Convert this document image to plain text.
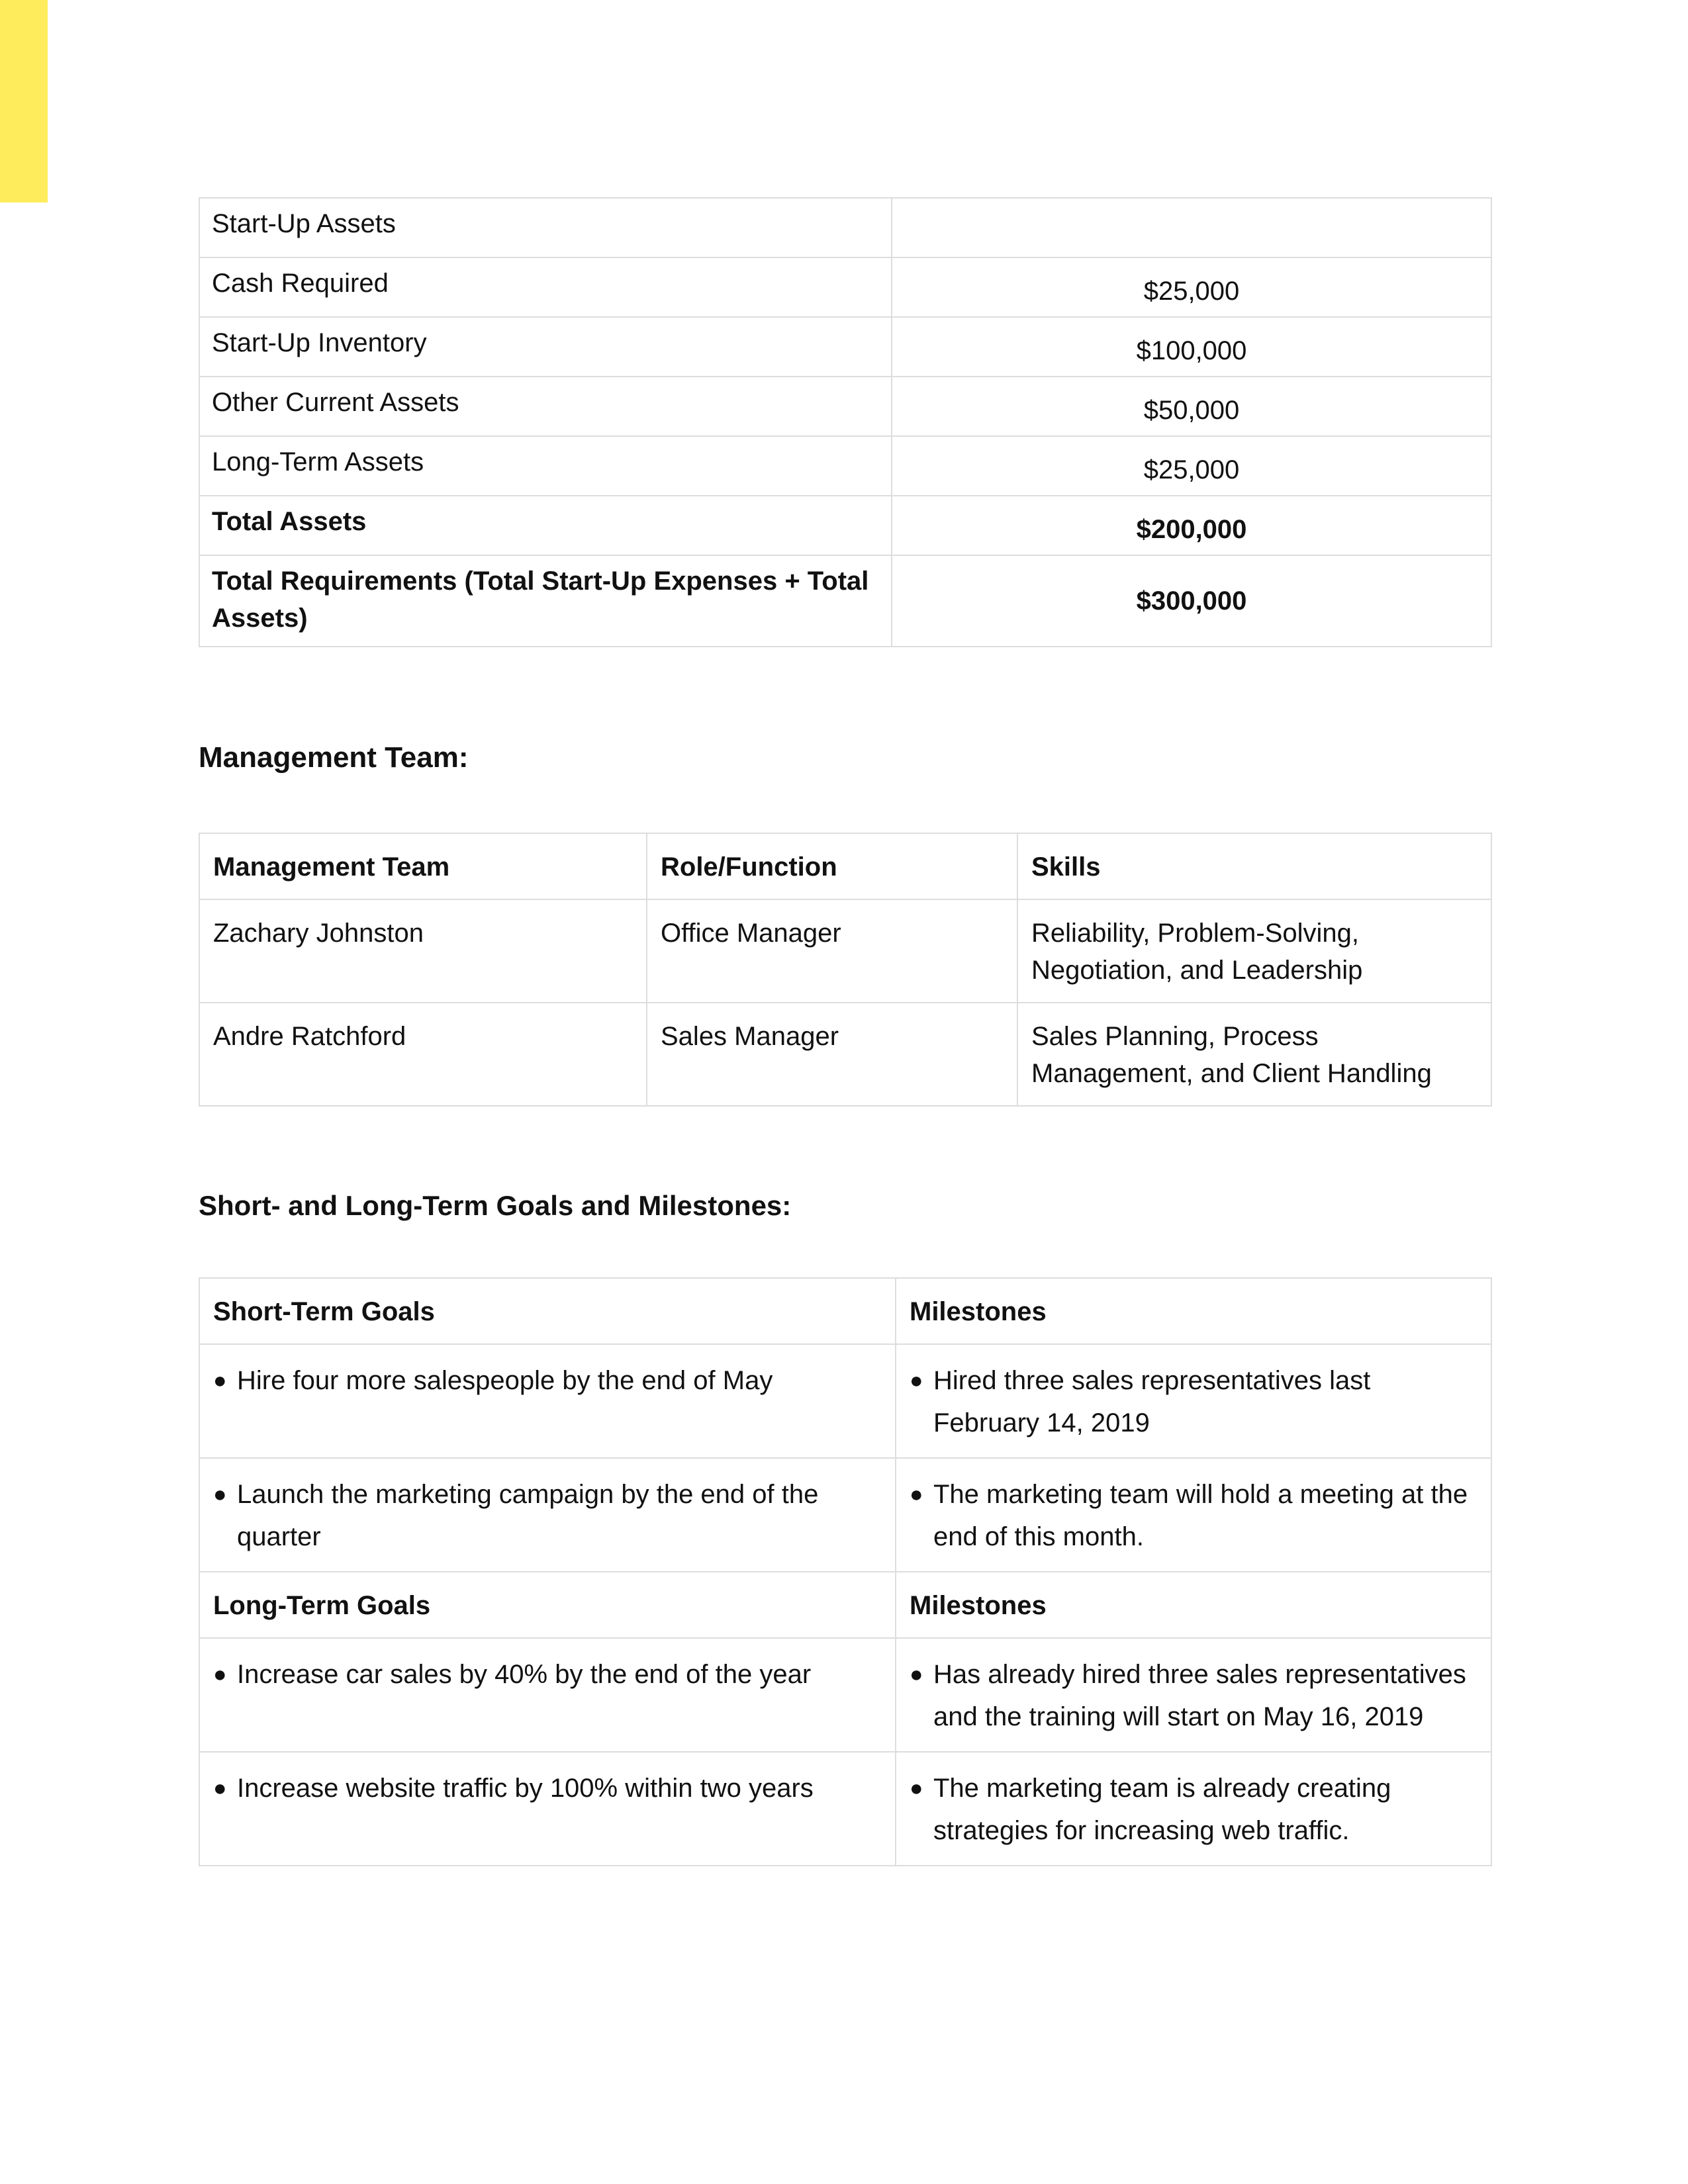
Start-Up Assets	
Cash Required	$25,000
Start-Up Inventory	$100,000
Other Current Assets	$50,000
Long-Term Assets	$25,000
Total Assets	$200,000
Total Requirements (Total Start-Up Expenses + Total Assets)	$300,000
Management Team:
Management Team	Role/Function	Skills
Zachary Johnston	Office Manager	Reliability, Problem-Solving, Negotiation, and Leadership
Andre Ratchford	Sales Manager	Sales Planning, Process Management, and Client Handling
Short- and Long-Term Goals and Milestones:
Short-Term Goals	Milestones

● Hire four more salespeople by the end of May	● Hired three sales representatives last February 14, 2019

● Launch the marketing campaign by the end of the quarter	● The marketing team will hold a meeting at the end of this month.

Long-Term Goals	Milestones

● Increase car sales by 40% by the end of the year	● Has already hired three sales representatives and the training will start on May 16, 2019

● Increase website traffic by 100% within two years	● The marketing team is already creating strategies for increasing web traffic.
